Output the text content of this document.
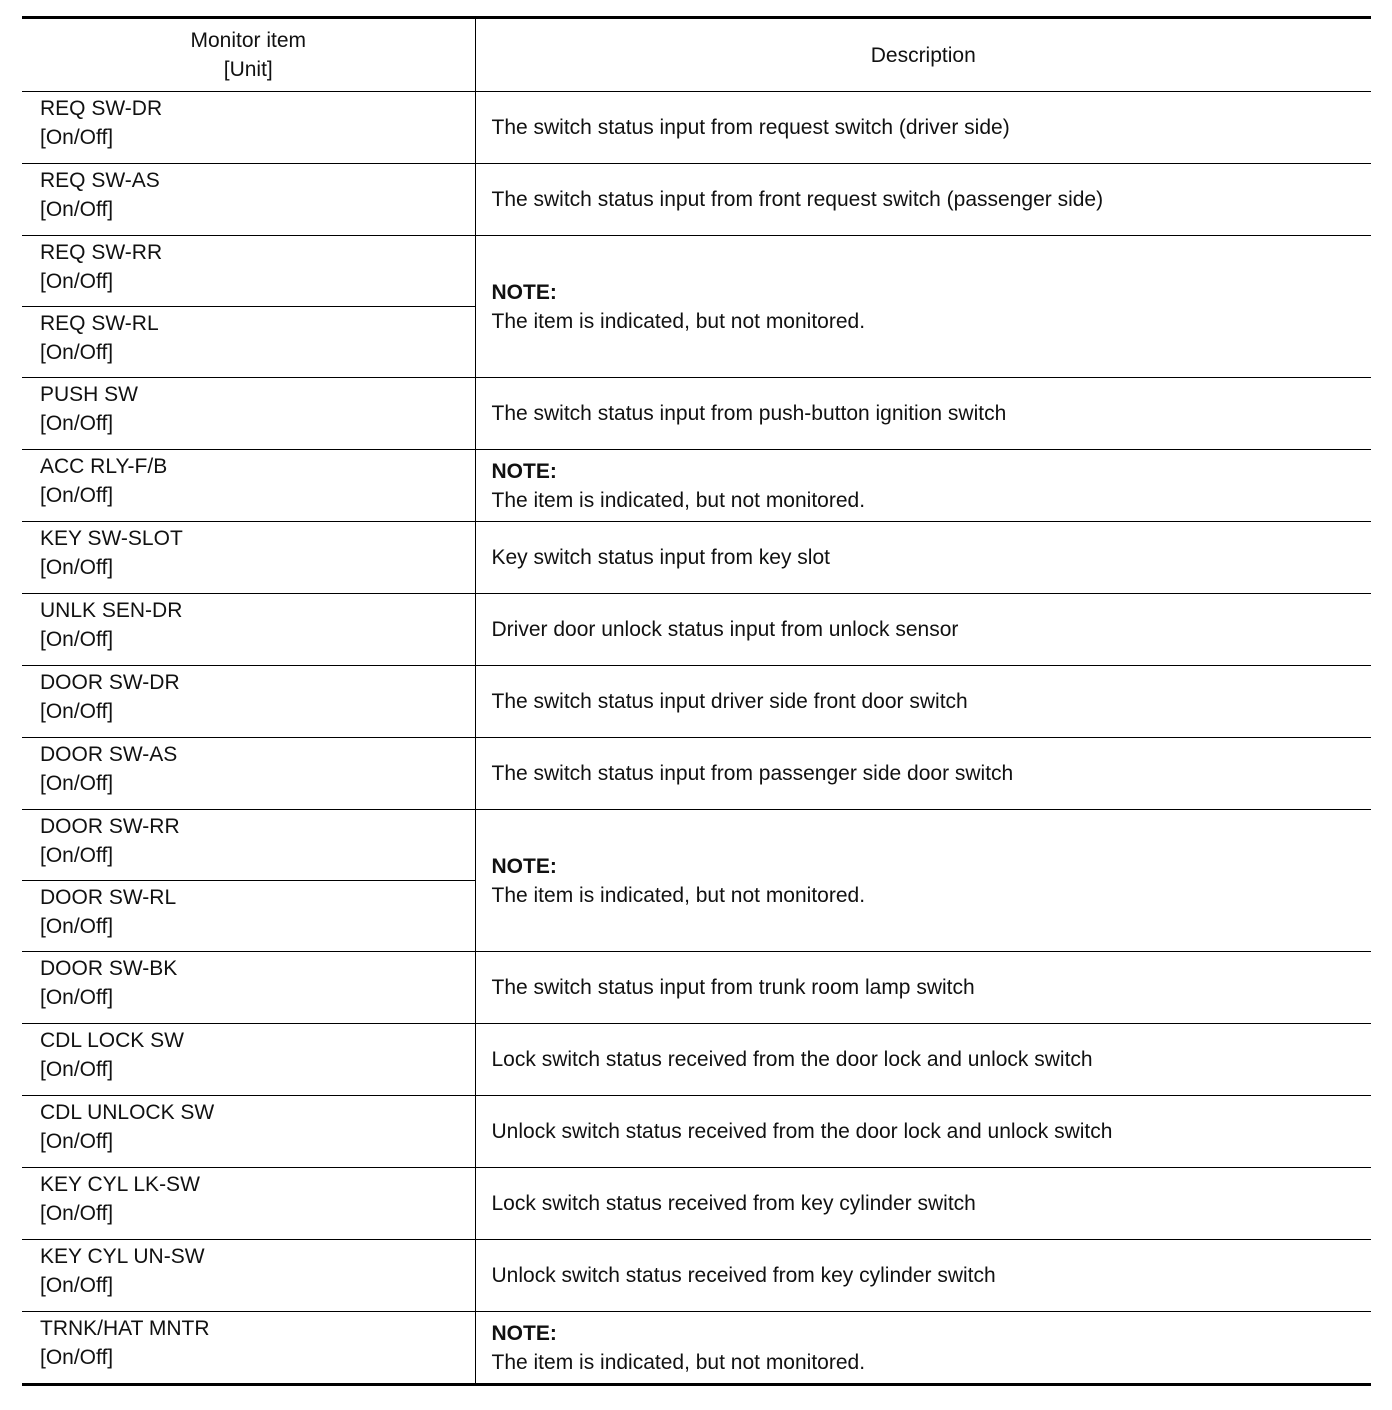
Monitor item
[Unit]	Description

REQ SW-DR
[On/Off]	The switch status input from request switch (driver side)

REQ SW-AS
[On/Off]	The switch status input from front request switch (passenger side)

REQ SW-RR
[On/Off]	NOTE:
The item is indicated, but not monitored.

REQ SW-RL
[On/Off]	

PUSH SW
[On/Off]	The switch status input from push-button ignition switch

ACC RLY-F/B
[On/Off]	NOTE:
The item is indicated, but not monitored.

KEY SW-SLOT
[On/Off]	Key switch status input from key slot

UNLK SEN-DR
[On/Off]	Driver door unlock status input from unlock sensor

DOOR SW-DR
[On/Off]	The switch status input driver side front door switch

DOOR SW-AS
[On/Off]	The switch status input from passenger side door switch

DOOR SW-RR
[On/Off]	NOTE:
The item is indicated, but not monitored.

DOOR SW-RL
[On/Off]	

DOOR SW-BK
[On/Off]	The switch status input from trunk room lamp switch

CDL LOCK SW
[On/Off]	Lock switch status received from the door lock and unlock switch

CDL UNLOCK SW
[On/Off]	Unlock switch status received from the door lock and unlock switch

KEY CYL LK-SW
[On/Off]	Lock switch status received from key cylinder switch

KEY CYL UN-SW
[On/Off]	Unlock switch status received from key cylinder switch

TRNK/HAT MNTR
[On/Off]	NOTE:
The item is indicated, but not monitored.
